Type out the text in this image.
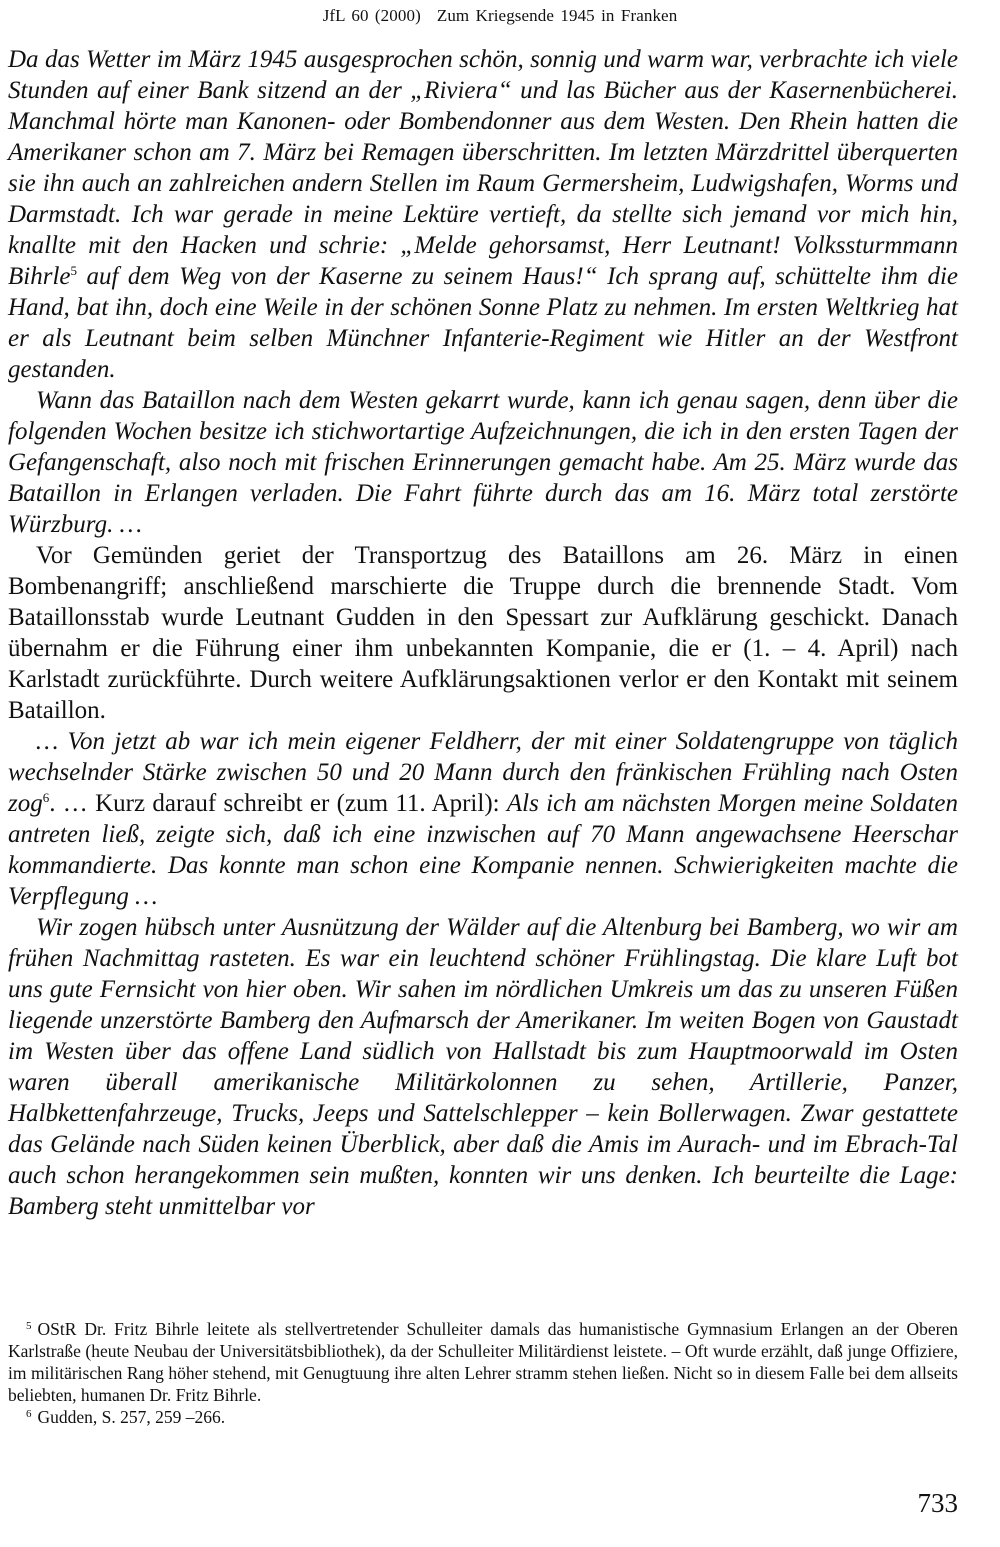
JfL 60 (2000) Zum Kriegsende 1945 in Franken

Da das Wetter im März 1945 ausgesprochen schön, sonnig und warm war, verbrachte ich viele Stunden auf einer Bank sitzend an der „Riviera“ und las Bücher aus der Kasernenbücherei. Manchmal hörte man Kanonen- oder Bombendonner aus dem Westen. Den Rhein hatten die Amerikaner schon am 7. März bei Remagen überschritten. Im letzten Märzdrittel überquerten sie ihn auch an zahlreichen andern Stellen im Raum Germersheim, Ludwigshafen, Worms und Darmstadt. Ich war gerade in meine Lektüre vertieft, da stellte sich jemand vor mich hin, knallte mit den Hacken und schrie: „Melde gehorsamst, Herr Leutnant! Volkssturmmann Bihrle$^5$ auf dem Weg von der Kaserne zu seinem Haus!“ Ich sprang auf, schüttelte ihm die Hand, bat ihn, doch eine Weile in der schönen Sonne Platz zu nehmen. Im ersten Weltkrieg hat er als Leutnant beim selben Münchner Infanterie-Regiment wie Hitler an der Westfront gestanden.

Wann das Bataillon nach dem Westen gekarrt wurde, kann ich genau sagen, denn über die folgenden Wochen besitze ich stichwortartige Aufzeichnungen, die ich in den ersten Tagen der Gefangenschaft, also noch mit frischen Erinnerungen gemacht habe. Am 25. März wurde das Bataillon in Erlangen verladen. Die Fahrt führte durch das am 16. März total zerstörte Würzburg. …

Vor Gemünden geriet der Transportzug des Bataillons am 26. März in einen Bombenangriff; anschließend marschierte die Truppe durch die brennende Stadt. Vom Bataillonsstab wurde Leutnant Gudden in den Spessart zur Aufklärung geschickt. Danach übernahm er die Führung einer ihm unbekannten Kompanie, die er (1. – 4. April) nach Karlstadt zurückführte. Durch weitere Aufklärungsaktionen verlor er den Kontakt mit seinem Bataillon.

… Von jetzt ab war ich mein eigener Feldherr, der mit einer Soldatengruppe von täglich wechselnder Stärke zwischen 50 und 20 Mann durch den fränkischen Frühling nach Osten zog$^6$. … Kurz darauf schreibt er (zum 11. April): Als ich am nächsten Morgen meine Soldaten antreten ließ, zeigte sich, daß ich eine inzwischen auf 70 Mann angewachsene Heerschar kommandierte. Das konnte man schon eine Kompanie nennen. Schwierigkeiten machte die Verpflegung …

Wir zogen hübsch unter Ausnützung der Wälder auf die Altenburg bei Bamberg, wo wir am frühen Nachmittag rasteten. Es war ein leuchtend schöner Frühlingstag. Die klare Luft bot uns gute Fernsicht von hier oben. Wir sahen im nördlichen Umkreis um das zu unseren Füßen liegende unzerstörte Bamberg den Aufmarsch der Amerikaner. Im weiten Bogen von Gaustadt im Westen über das offene Land südlich von Hallstadt bis zum Hauptmoorwald im Osten waren überall amerikanische Militärkolonnen zu sehen, Artillerie, Panzer, Halbkettenfahrzeuge, Trucks, Jeeps und Sattelschlepper – kein Bollerwagen. Zwar gestattete das Gelände nach Süden keinen Überblick, aber daß die Amis im Aurach- und im Ebrach-Tal auch schon herangekommen sein mußten, konnten wir uns denken. Ich beurteilte die Lage: Bamberg steht unmittelbar vor

$^5$ OStR Dr. Fritz Bihrle leitete als stellvertretender Schulleiter damals das humanistische Gymnasium Erlangen an der Oberen Karlstraße (heute Neubau der Universitätsbibliothek), da der Schulleiter Militärdienst leistete. – Oft wurde erzählt, daß junge Offiziere, im militärischen Rang höher stehend, mit Genugtuung ihre alten Lehrer stramm stehen ließen. Nicht so in diesem Falle bei dem allseits beliebten, humanen Dr. Fritz Bihrle.

$^6$ Gudden, S. 257, 259 –266.

733
